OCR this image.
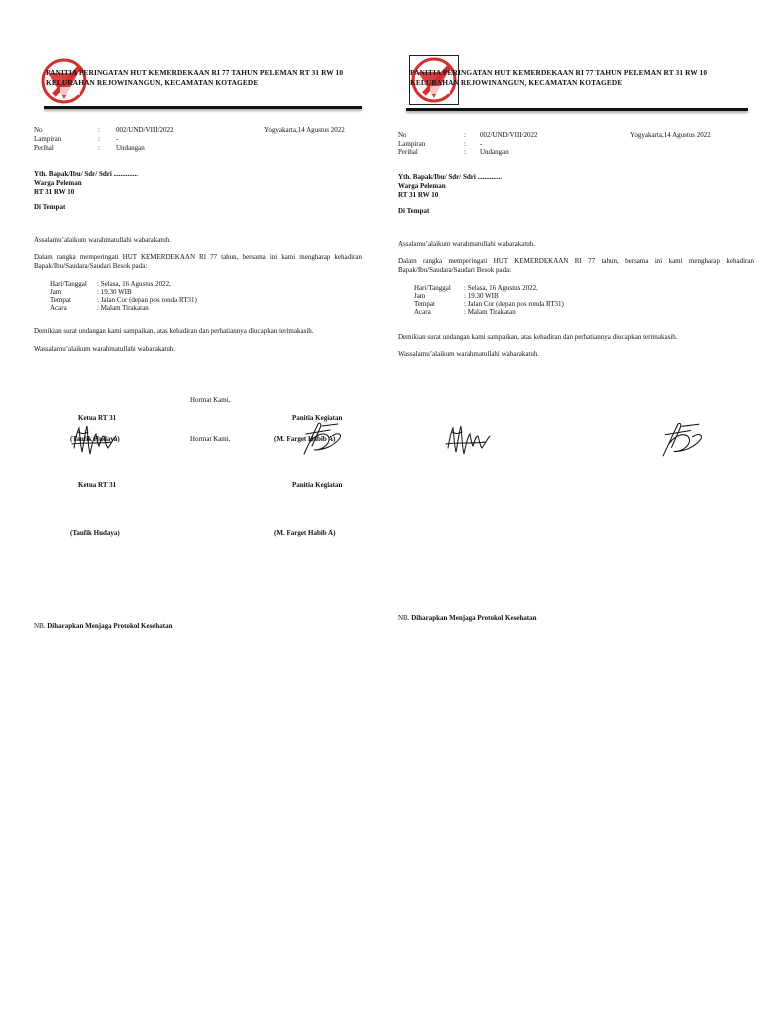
PANITIA PERINGATAN HUT KEMERDEKAAN RI 77 TAHUN PELEMAN RT 31 RW 10
KELURAHAN REJOWINANGUN, KECAMATAN KOTAGEDE
No	: 002/UND/VIII/2022	Yogyakarta,14 Agustus 2022
Lampiran	: -
Perihal	: Undangan
Yth. Bapak/Ibu/ Sdr/ Sdri ..............
Warga Peleman
RT 31 RW 10
Di Tempat
Assalamu’alaikum warahmatullahi wabarakatuh.
Dalam rangka memperingati HUT KEMERDEKAAN RI 77 tahun, bersama ini kami mengharap kehadiran Bapak/Ibu/Saudara/Saudari Besok pada:
Hari/Tanggal : Selasa, 16 Agustus 2022,
Jam	: 19.30 WIB
Tempat	: Jalan Cor (depan pos ronda RT31)
Acara	: Malam Tirakatan
Demikian surat undangan kami sampaikan, atas kehadiran dan perhatiannya diucapkan terimakasih.
Wassalamu’alaikum warahmatullahi wabarakatuh.
Hormat Kami,
Ketua RT 31	Panitia Kegiatan
(Taufik Hudaya)	Hormat Kami,	(M. Farget Habib A)
Ketua RT 31	Panitia Kegiatan
(Taufik Hudaya)	(M. Farget Habib A)
NB. Diharapkan Menjaga Protokol Kesehatan
PANITIA PERINGATAN HUT KEMERDEKAAN RI 77 TAHUN PELEMAN RT 31 RW 10
KELURAHAN REJOWINANGUN, KECAMATAN KOTAGEDE
No	: 002/UND/VIII/2022	Yogyakarta,14 Agustus 2022
Lampiran	: -
Perihal	: Undangan
Yth. Bapak/Ibu/ Sdr/ Sdri ..............
Warga Peleman
RT 31 RW 10
Di Tempat
Assalamu’alaikum warahmatullahi wabarakatuh.
Dalam rangka memperingati HUT KEMERDEKAAN RI 77 tahun, bersama ini kami mengharap kehadiran Bapak/Ibu/Saudara/Saudari Besok pada:
Hari/Tanggal : Selasa, 16 Agustus 2022,
Jam	: 19.30 WIB
Tempat	: Jalan Cor (depan pos ronda RT31)
Acara	: Malam Tirakatan
Demikian surat undangan kami sampaikan, atas kehadiran dan perhatiannya diucapkan terimakasih.
Wassalamu’alaikum warahmatullahi wabarakatuh.
NB. Diharapkan Menjaga Protokol Kesehatan
